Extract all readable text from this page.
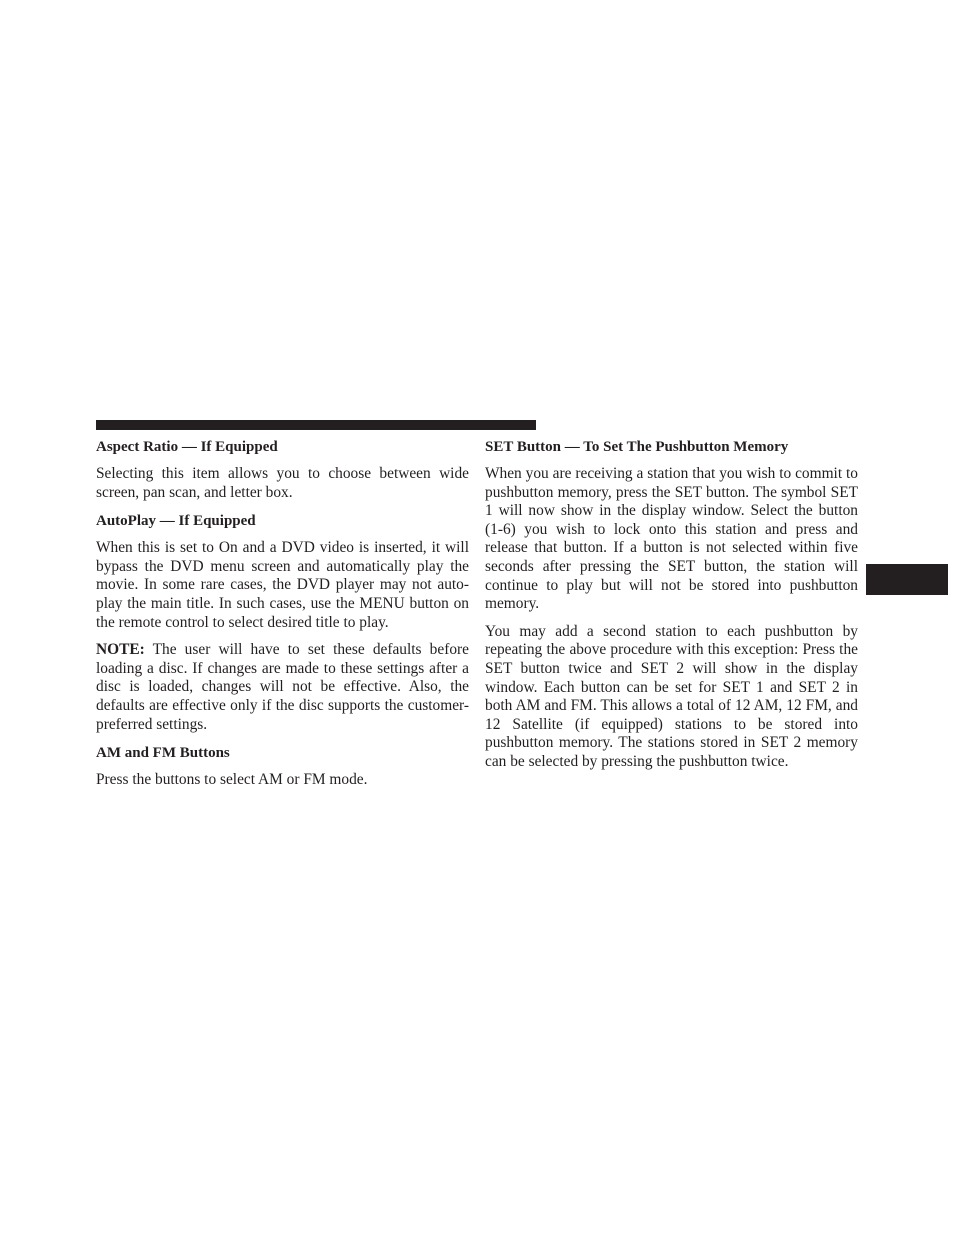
Aspect Ratio — If Equipped
Selecting this item allows you to choose between wide screen, pan scan, and letter box.
AutoPlay — If Equipped
When this is set to On and a DVD video is inserted, it will bypass the DVD menu screen and automatically play the movie. In some rare cases, the DVD player may not auto-play the main title. In such cases, use the MENU button on the remote control to select desired title to play.
NOTE: The user will have to set these defaults before loading a disc. If changes are made to these settings after a disc is loaded, changes will not be effective. Also, the defaults are effective only if the disc supports the customer-preferred settings.
AM and FM Buttons
Press the buttons to select AM or FM mode.
SET Button — To Set The Pushbutton Memory
When you are receiving a station that you wish to commit to pushbutton memory, press the SET button. The symbol SET 1 will now show in the display window. Select the button (1-6) you wish to lock onto this station and press and release that button. If a button is not selected within five seconds after pressing the SET button, the station will continue to play but will not be stored into pushbutton memory.
You may add a second station to each pushbutton by repeating the above procedure with this exception: Press the SET button twice and SET 2 will show in the display window. Each button can be set for SET 1 and SET 2 in both AM and FM. This allows a total of 12 AM, 12 FM, and 12 Satellite (if equipped) stations to be stored into pushbutton memory. The stations stored in SET 2 memory can be selected by pressing the pushbutton twice.
